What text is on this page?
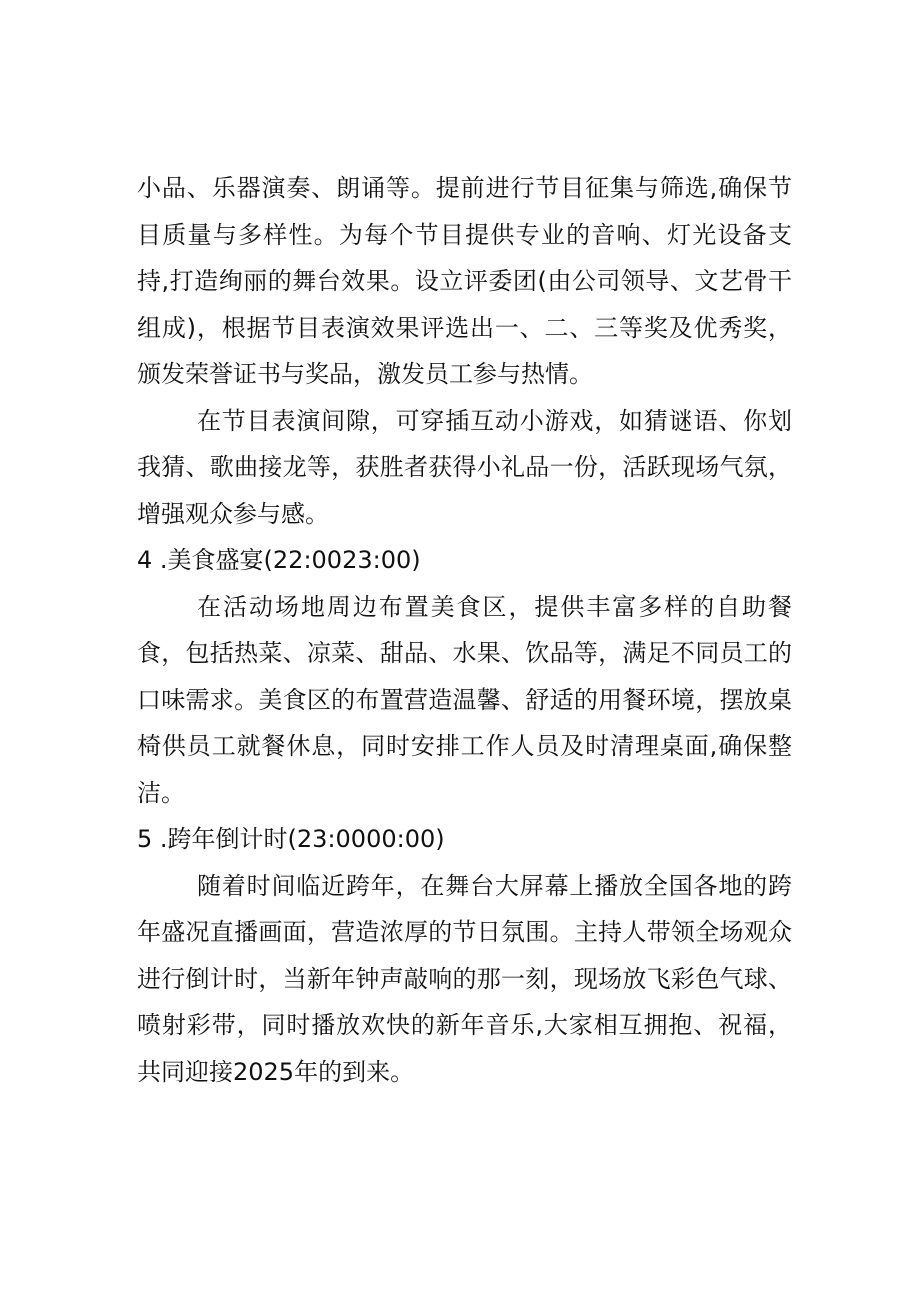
小品、乐器演奏、朗诵等。提前进行节目征集与筛选,确保节目质量与多样性。为每个节目提供专业的音响、灯光设备支持,打造绚丽的舞台效果。设立评委团(由公司领导、文艺骨干组成)，根据节目表演效果评选出一、二、三等奖及优秀奖，颁发荣誉证书与奖品，激发员工参与热情。

在节目表演间隙，可穿插互动小游戏，如猜谜语、你划我猜、歌曲接龙等，获胜者获得小礼品一份，活跃现场气氛，增强观众参与感。

4 .美食盛宴(22:0023:00)

在活动场地周边布置美食区，提供丰富多样的自助餐食，包括热菜、凉菜、甜品、水果、饮品等，满足不同员工的口味需求。美食区的布置营造温馨、舒适的用餐环境，摆放桌椅供员工就餐休息，同时安排工作人员及时清理桌面,确保整洁。

5 .跨年倒计时(23:0000:00)

随着时间临近跨年，在舞台大屏幕上播放全国各地的跨年盛况直播画面，营造浓厚的节日氛围。主持人带领全场观众进行倒计时，当新年钟声敲响的那一刻，现场放飞彩色气球、喷射彩带，同时播放欢快的新年音乐,大家相互拥抱、祝福，共同迎接2025年的到来。
